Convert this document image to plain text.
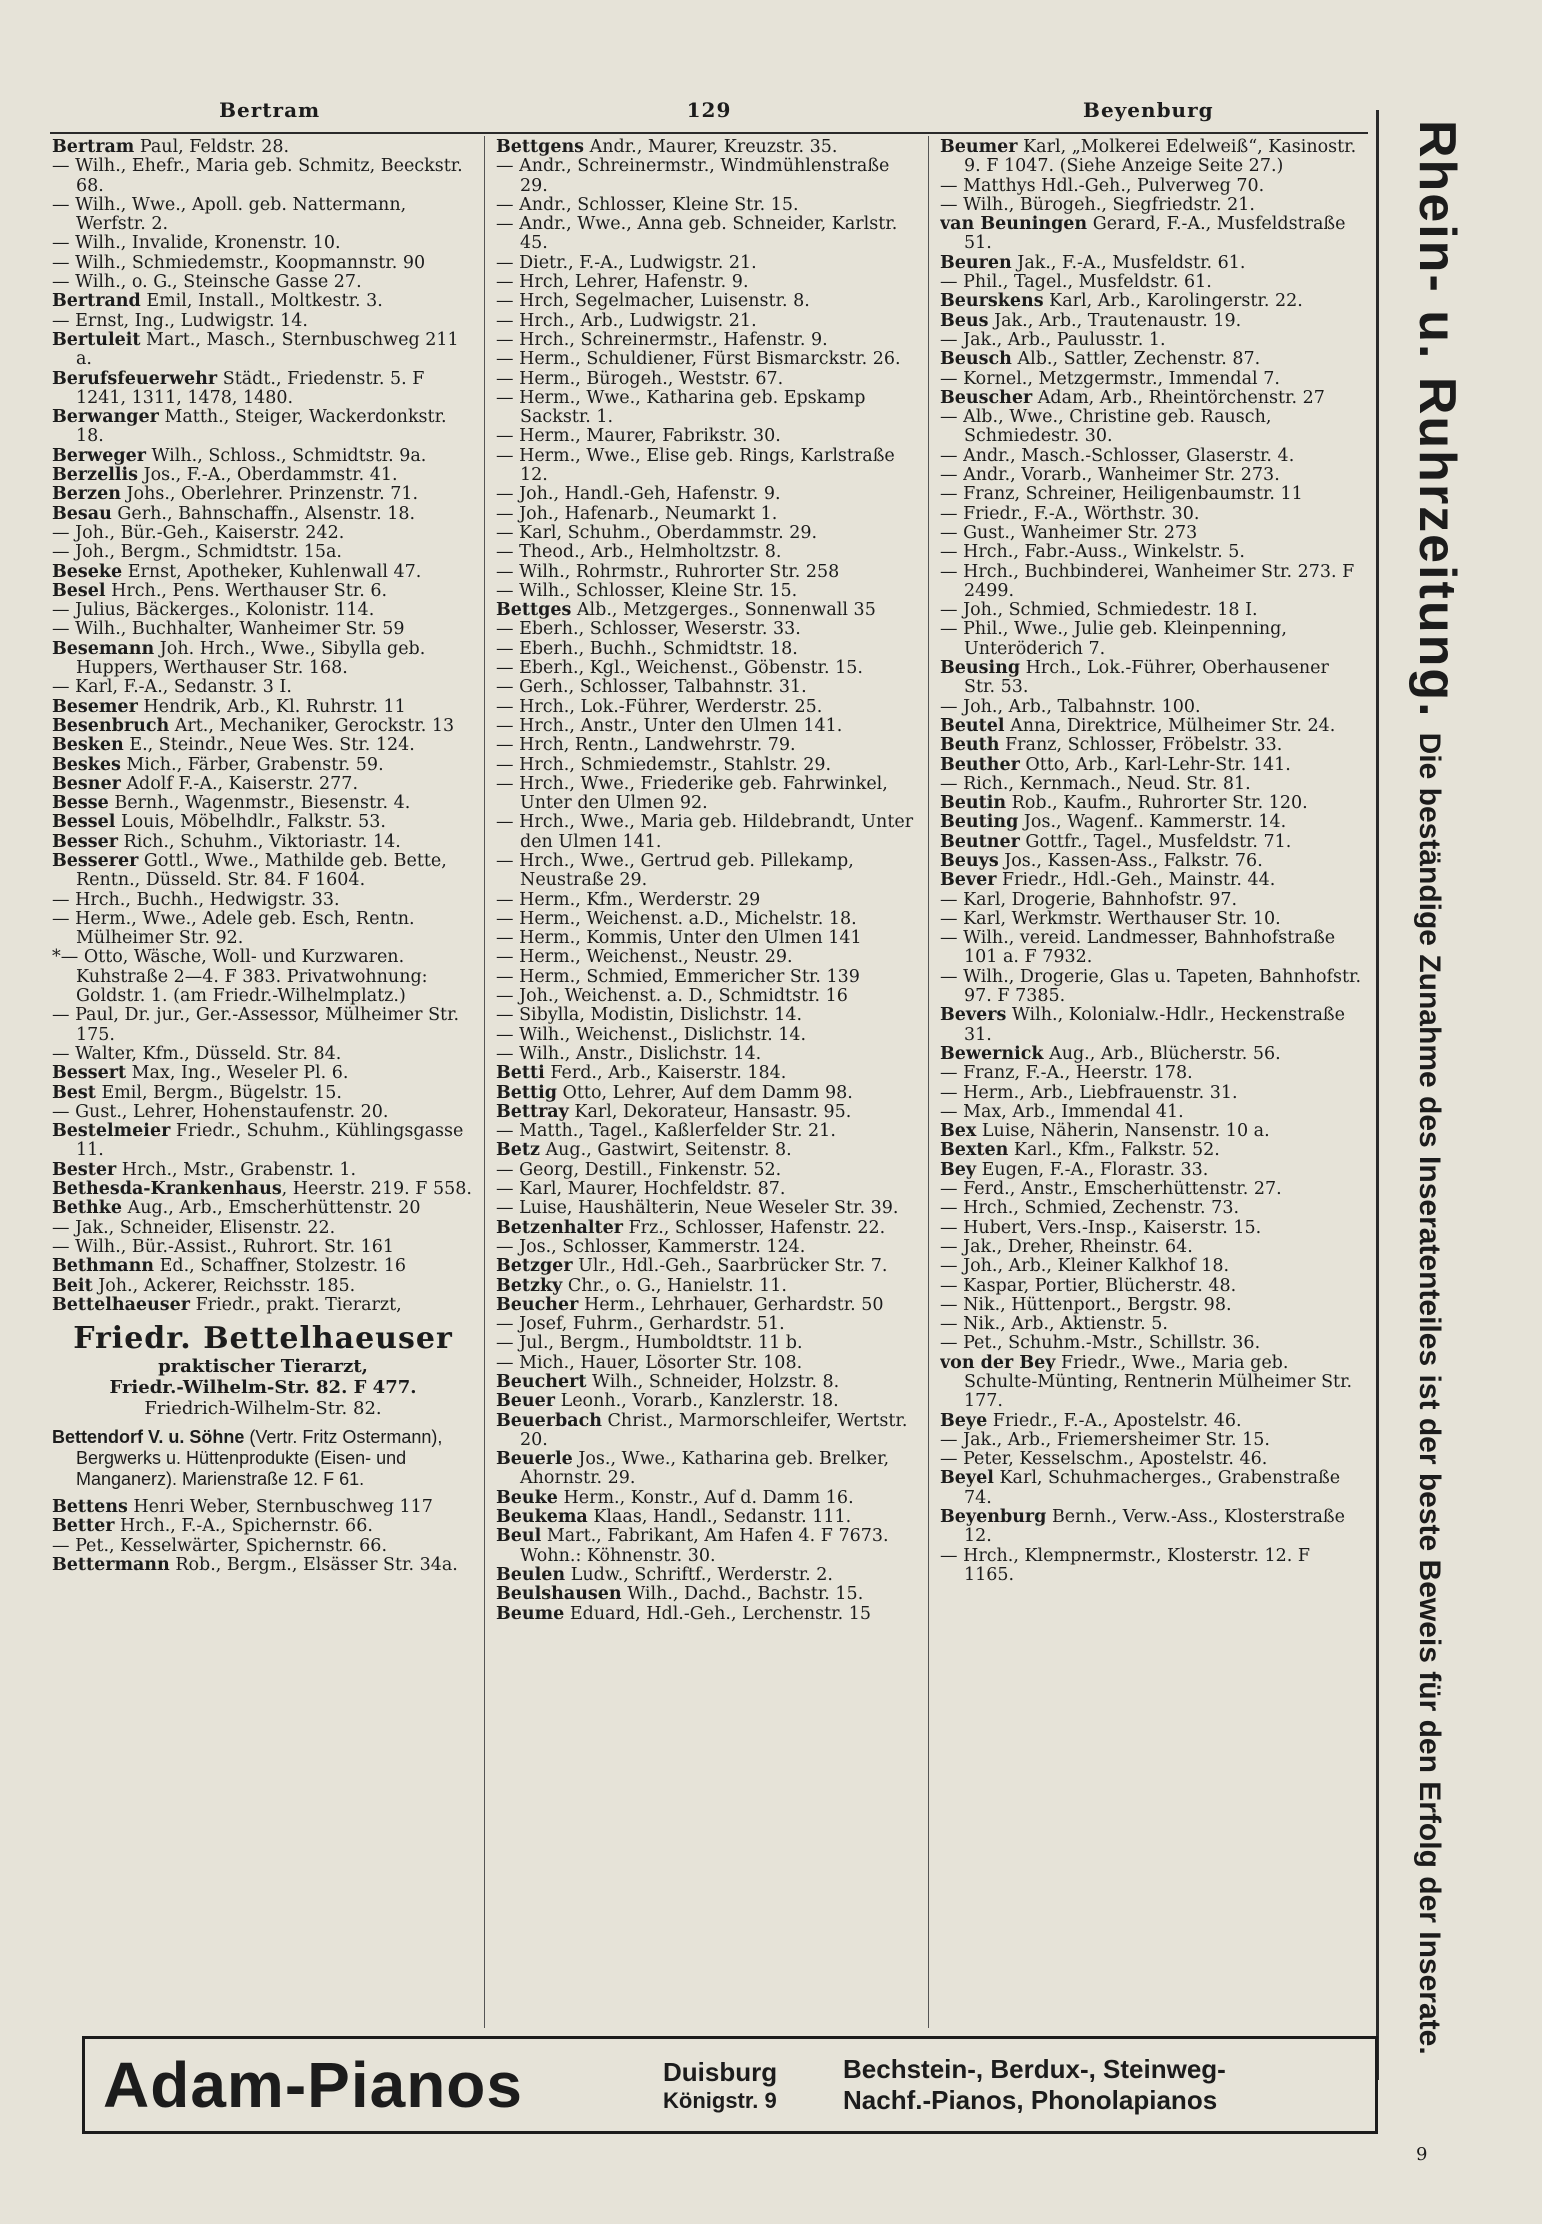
Bertram	129	Beyenburg

Bertram Paul, Feldstr. 28.

— Wilh., Ehefr., Maria geb. Schmitz, Beeckstr. 68.

— Wilh., Wwe., Apoll. geb. Nattermann, Werfstr. 2.

— Wilh., Invalide, Kronenstr. 10.

— Wilh., Schmiedemstr., Koopmannstr. 90

— Wilh., o. G., Steinsche Gasse 27.

Bertrand Emil, Install., Moltkestr. 3.

— Ernst, Ing., Ludwigstr. 14.

Bertuleit Mart., Masch., Sternbuschweg 211 a.

Berufsfeuerwehr Städt., Friedenstr. 5. F 1241, 1311, 1478, 1480.

Berwanger Matth., Steiger, Wackerdonkstr. 18.

Berweger Wilh., Schloss., Schmidtstr. 9a.

Berzellis Jos., F.-A., Oberdammstr. 41.

Berzen Johs., Oberlehrer. Prinzenstr. 71.

Besau Gerh., Bahnschaffn., Alsenstr. 18.

— Joh., Bür.-Geh., Kaiserstr. 242.

— Joh., Bergm., Schmidtstr. 15a.

Beseke Ernst, Apotheker, Kuhlenwall 47.

Besel Hrch., Pens. Werthauser Str. 6.

— Julius, Bäckerges., Kolonistr. 114.

— Wilh., Buchhalter, Wanheimer Str. 59

Besemann Joh. Hrch., Wwe., Sibylla geb. Huppers, Werthauser Str. 168.

— Karl, F.-A., Sedanstr. 3 I.

Besemer Hendrik, Arb., Kl. Ruhrstr. 11

Besenbruch Art., Mechaniker, Gerockstr. 13

Besken E., Steindr., Neue Wes. Str. 124.

Beskes Mich., Färber, Grabenstr. 59.

Besner Adolf F.-A., Kaiserstr. 277.

Besse Bernh., Wagenmstr., Biesenstr. 4.

Bessel Louis, Möbelhdlr., Falkstr. 53.

Besser Rich., Schuhm., Viktoriastr. 14.

Besserer Gottl., Wwe., Mathilde geb. Bette, Rentn., Düsseld. Str. 84. F 1604.

— Hrch., Buchh., Hedwigstr. 33.

— Herm., Wwe., Adele geb. Esch, Rentn. Mülheimer Str. 92.

*— Otto, Wäsche, Woll- und Kurzwaren. Kuhstraße 2—4. F 383. Privatwohnung: Goldstr. 1. (am Friedr.-Wilhelmplatz.)

— Paul, Dr. jur., Ger.-Assessor, Mülheimer Str. 175.

— Walter, Kfm., Düsseld. Str. 84.

Bessert Max, Ing., Weseler Pl. 6.

Best Emil, Bergm., Bügelstr. 15.

— Gust., Lehrer, Hohenstaufenstr. 20.

Bestelmeier Friedr., Schuhm., Kühlingsgasse 11.

Bester Hrch., Mstr., Grabenstr. 1.

Bethesda-Krankenhaus, Heerstr. 219. F 558.

Bethke Aug., Arb., Emscherhüttenstr. 20

— Jak., Schneider, Elisenstr. 22.

— Wilh., Bür.-Assist., Ruhrort. Str. 161

Bethmann Ed., Schaffner, Stolzestr. 16

Beit Joh., Ackerer, Reichsstr. 185.

Bettelhaeuser Friedr., prakt. Tierarzt,

Friedr. Bettelhaeuser
praktischer Tierarzt,
Friedr.-Wilhelm-Str. 82. F 477.
Friedrich-Wilhelm-Str. 82.
Bettendorf V. u. Söhne (Vertr. Fritz Ostermann), Bergwerks u. Hüttenprodukte (Eisen- und Manganerz). Marienstraße 12. F 61.

Bettens Henri Weber, Sternbuschweg 117

Better Hrch., F.-A., Spichernstr. 66.

— Pet., Kesselwärter, Spichernstr. 66.

Bettermann Rob., Bergm., Elsässer Str. 34a.

Bettgens Andr., Maurer, Kreuzstr. 35.

— Andr., Schreinermstr., Windmühlenstraße 29.

— Andr., Schlosser, Kleine Str. 15.

— Andr., Wwe., Anna geb. Schneider, Karlstr. 45.

— Dietr., F.-A., Ludwigstr. 21.

— Hrch, Lehrer, Hafenstr. 9.

— Hrch, Segelmacher, Luisenstr. 8.

— Hrch., Arb., Ludwigstr. 21.

— Hrch., Schreinermstr., Hafenstr. 9.

— Herm., Schuldiener, Fürst Bismarckstr. 26.

— Herm., Bürogeh., Weststr. 67.

— Herm., Wwe., Katharina geb. Epskamp Sackstr. 1.

— Herm., Maurer, Fabrikstr. 30.

— Herm., Wwe., Elise geb. Rings, Karlstraße 12.

— Joh., Handl.-Geh, Hafenstr. 9.

— Joh., Hafenarb., Neumarkt 1.

— Karl, Schuhm., Oberdammstr. 29.

— Theod., Arb., Helmholtzstr. 8.

— Wilh., Rohrmstr., Ruhrorter Str. 258

— Wilh., Schlosser, Kleine Str. 15.

Bettges Alb., Metzgerges., Sonnenwall 35

— Eberh., Schlosser, Weserstr. 33.

— Eberh., Buchh., Schmidtstr. 18.

— Eberh., Kgl., Weichenst., Göbenstr. 15.

— Gerh., Schlosser, Talbahnstr. 31.

— Hrch., Lok.-Führer, Werderstr. 25.

— Hrch., Anstr., Unter den Ulmen 141.

— Hrch, Rentn., Landwehrstr. 79.

— Hrch., Schmiedemstr., Stahlstr. 29.

— Hrch., Wwe., Friederike geb. Fahrwinkel, Unter den Ulmen 92.

— Hrch., Wwe., Maria geb. Hildebrandt, Unter den Ulmen 141.

— Hrch., Wwe., Gertrud geb. Pillekamp, Neustraße 29.

— Herm., Kfm., Werderstr. 29

— Herm., Weichenst. a.D., Michelstr. 18.

— Herm., Kommis, Unter den Ulmen 141

— Herm., Weichenst., Neustr. 29.

— Herm., Schmied, Emmericher Str. 139

— Joh., Weichenst. a. D., Schmidtstr. 16

— Sibylla, Modistin, Dislichstr. 14.

— Wilh., Weichenst., Dislichstr. 14.

— Wilh., Anstr., Dislichstr. 14.

Betti Ferd., Arb., Kaiserstr. 184.

Bettig Otto, Lehrer, Auf dem Damm 98.

Bettray Karl, Dekorateur, Hansastr. 95.

— Matth., Tagel., Kaßlerfelder Str. 21.

Betz Aug., Gastwirt, Seitenstr. 8.

— Georg, Destill., Finkenstr. 52.

— Karl, Maurer, Hochfeldstr. 87.

— Luise, Haushälterin, Neue Weseler Str. 39.

Betzenhalter Frz., Schlosser, Hafenstr. 22.

— Jos., Schlosser, Kammerstr. 124.

Betzger Ulr., Hdl.-Geh., Saarbrücker Str. 7.

Betzky Chr., o. G., Hanielstr. 11.

Beucher Herm., Lehrhauer, Gerhardstr. 50

— Josef, Fuhrm., Gerhardstr. 51.

— Jul., Bergm., Humboldtstr. 11 b.

— Mich., Hauer, Lösorter Str. 108.

Beuchert Wilh., Schneider, Holzstr. 8.

Beuer Leonh., Vorarb., Kanzlerstr. 18.

Beuerbach Christ., Marmorschleifer, Wertstr. 20.

Beuerle Jos., Wwe., Katharina geb. Brelker, Ahornstr. 29.

Beuke Herm., Konstr., Auf d. Damm 16.

Beukema Klaas, Handl., Sedanstr. 111.

Beul Mart., Fabrikant, Am Hafen 4. F 7673. Wohn.: Köhnenstr. 30.

Beulen Ludw., Schriftf., Werderstr. 2.

Beulshausen Wilh., Dachd., Bachstr. 15.

Beume Eduard, Hdl.-Geh., Lerchenstr. 15

Beumer Karl, „Molkerei Edelweiß“, Kasinostr. 9. F 1047. (Siehe Anzeige Seite 27.)

— Matthys Hdl.-Geh., Pulverweg 70.

— Wilh., Bürogeh., Siegfriedstr. 21.

van Beuningen Gerard, F.-A., Musfeldstraße 51.

Beuren Jak., F.-A., Musfeldstr. 61.

— Phil., Tagel., Musfeldstr. 61.

Beurskens Karl, Arb., Karolingerstr. 22.

Beus Jak., Arb., Trautenaustr. 19.

— Jak., Arb., Paulusstr. 1.

Beusch Alb., Sattler, Zechenstr. 87.

— Kornel., Metzgermstr., Immendal 7.

Beuscher Adam, Arb., Rheintörchenstr. 27

— Alb., Wwe., Christine geb. Rausch, Schmiedestr. 30.

— Andr., Masch.-Schlosser, Glaserstr. 4.

— Andr., Vorarb., Wanheimer Str. 273.

— Franz, Schreiner, Heiligenbaumstr. 11

— Friedr., F.-A., Wörthstr. 30.

— Gust., Wanheimer Str. 273

— Hrch., Fabr.-Auss., Winkelstr. 5.

— Hrch., Buchbinderei, Wanheimer Str. 273. F 2499.

— Joh., Schmied, Schmiedestr. 18 I.

— Phil., Wwe., Julie geb. Kleinpenning, Unteröderich 7.

Beusing Hrch., Lok.-Führer, Oberhausener Str. 53.

— Joh., Arb., Talbahnstr. 100.

Beutel Anna, Direktrice, Mülheimer Str. 24.

Beuth Franz, Schlosser, Fröbelstr. 33.

Beuther Otto, Arb., Karl-Lehr-Str. 141.

— Rich., Kernmach., Neud. Str. 81.

Beutin Rob., Kaufm., Ruhrorter Str. 120.

Beuting Jos., Wagenf.. Kammerstr. 14.

Beutner Gottfr., Tagel., Musfeldstr. 71.

Beuys Jos., Kassen-Ass., Falkstr. 76.

Bever Friedr., Hdl.-Geh., Mainstr. 44.

— Karl, Drogerie, Bahnhofstr. 97.

— Karl, Werkmstr. Werthauser Str. 10.

— Wilh., vereid. Landmesser, Bahnhofstraße 101 a. F 7932.

— Wilh., Drogerie, Glas u. Tapeten, Bahnhofstr. 97. F 7385.

Bevers Wilh., Kolonialw.-Hdlr., Heckenstraße 31.

Bewernick Aug., Arb., Blücherstr. 56.

— Franz, F.-A., Heerstr. 178.

— Herm., Arb., Liebfrauenstr. 31.

— Max, Arb., Immendal 41.

Bex Luise, Näherin, Nansenstr. 10 a.

Bexten Karl., Kfm., Falkstr. 52.

Bey Eugen, F.-A., Florastr. 33.

— Ferd., Anstr., Emscherhüttenstr. 27.

— Hrch., Schmied, Zechenstr. 73.

— Hubert, Vers.-Insp., Kaiserstr. 15.

— Jak., Dreher, Rheinstr. 64.

— Joh., Arb., Kleiner Kalkhof 18.

— Kaspar, Portier, Blücherstr. 48.

— Nik., Hüttenport., Bergstr. 98.

— Nik., Arb., Aktienstr. 5.

— Pet., Schuhm.-Mstr., Schillstr. 36.

von der Bey Friedr., Wwe., Maria geb. Schulte-Münting, Rentnerin Mülheimer Str. 177.

Beye Friedr., F.-A., Apostelstr. 46.

— Jak., Arb., Friemersheimer Str. 15.

— Peter, Kesselschm., Apostelstr. 46.

Beyel Karl, Schuhmacherges., Grabenstraße 74.

Beyenburg Bernh., Verw.-Ass., Klosterstraße 12.

— Hrch., Klempnermstr., Klosterstr. 12. F 1165.

Rhein- u. Ruhrzeitung.Die beständige Zunahme des Inseratenteiles ist der beste Beweis für den Erfolg der Inserate.
Adam-Pianos	Duisburg
Königstr. 9
Bechstein-, Berdux-, Steinweg-
Nachf.-Pianos, Phonolapianos
9
